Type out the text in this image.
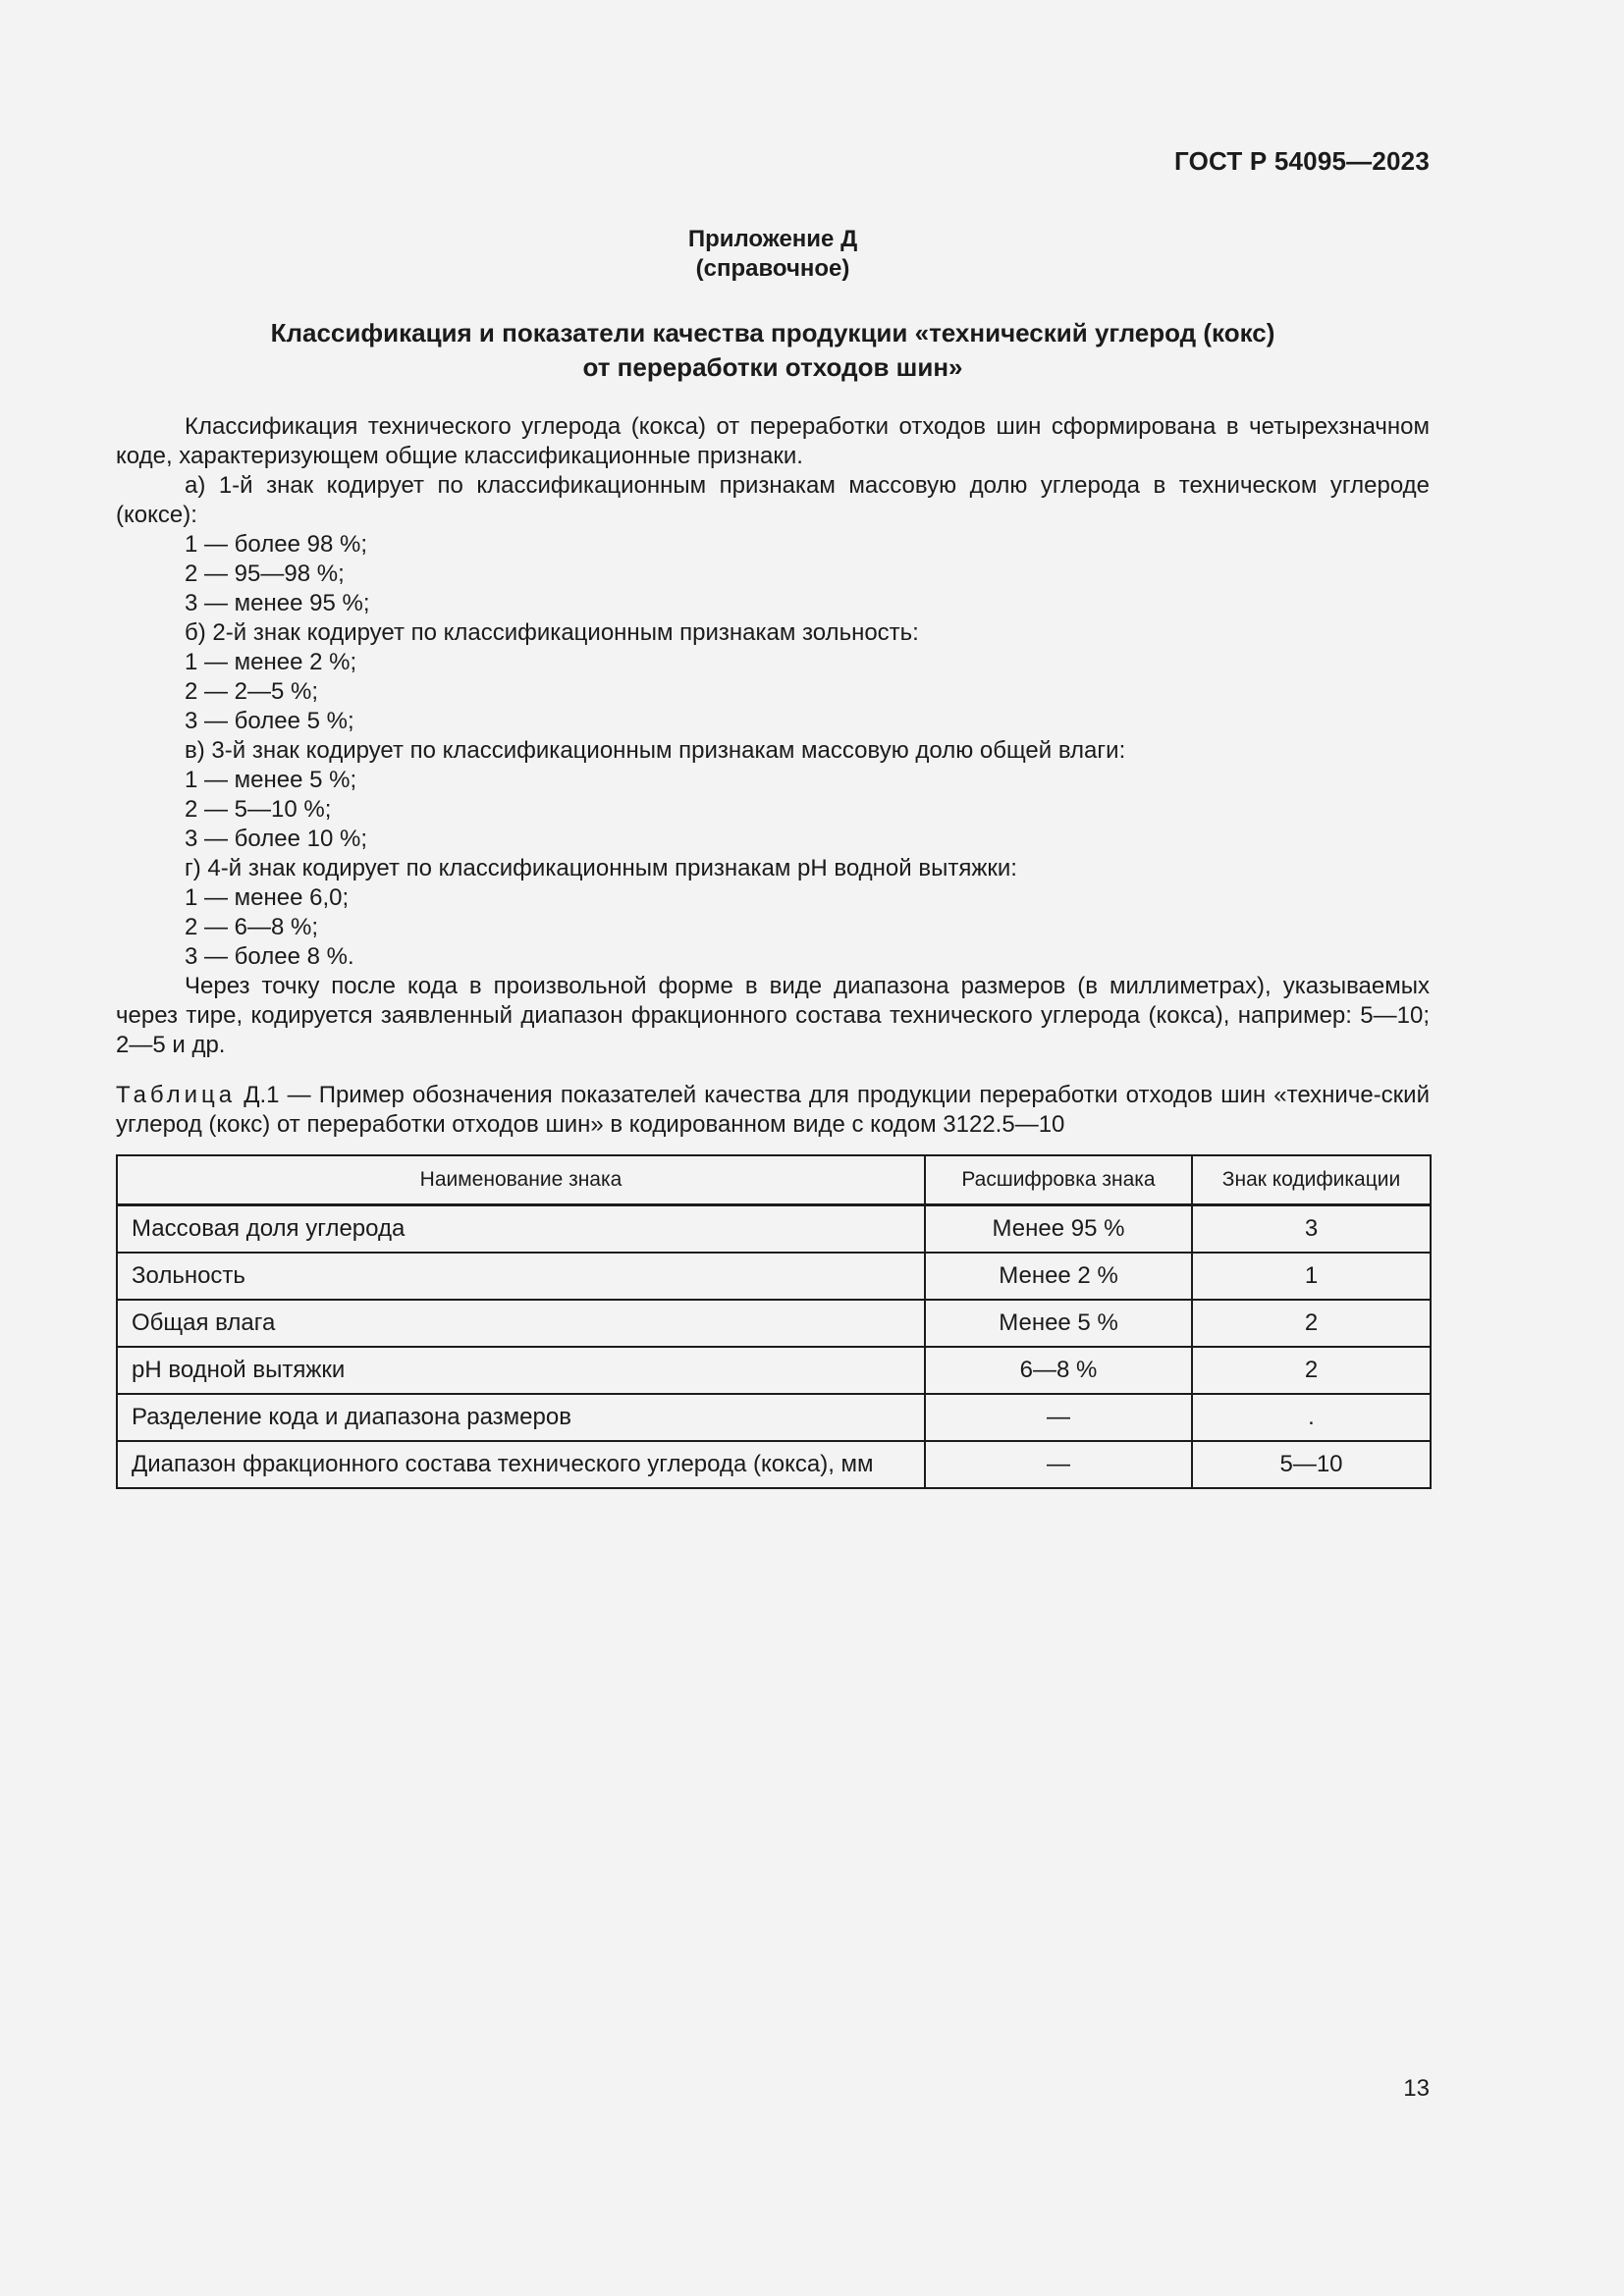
ГОСТ Р 54095—2023
Приложение Д
(справочное)
Классификация и показатели качества продукции «технический углерод (кокс)
от переработки отходов шин»

Классификация технического углерода (кокса) от переработки отходов шин сформирована в четырехзначном коде, характеризующем общие классификационные признаки.

а) 1-й знак кодирует по классификационным признакам массовую долю углерода в техническом углероде (коксе):

1 — более 98 %;

2 — 95—98 %;

3 — менее 95 %;

б) 2-й знак кодирует по классификационным признакам зольность:

1 — менее 2 %;

2 — 2—5 %;

3 — более 5 %;

в) 3-й знак кодирует по классификационным признакам массовую долю общей влаги:

1 — менее 5 %;

2 — 5—10 %;

3 — более 10 %;

г) 4-й знак кодирует по классификационным признакам рН водной вытяжки:

1 — менее 6,0;

2 — 6—8 %;

3 — более 8 %.

Через точку после кода в произвольной форме в виде диапазона размеров (в миллиметрах), указываемых через тире, кодируется заявленный диапазон фракционного состава технического углерода (кокса), например: 5—10; 2—5 и др.

Таблица Д.1 — Пример обозначения показателей качества для продукции переработки отходов шин «техниче-ский углерод (кокс) от переработки отходов шин» в кодированном виде с кодом 3122.5—10
Наименование знака	Расшифровка знака	Знак кодификации
Массовая доля углерода	Менее 95 %	3
Зольность	Менее 2 %	1
Общая влага	Менее 5 %	2
рН водной вытяжки	6—8 %	2
Разделение кода и диапазона размеров	—	.
Диапазон фракционного состава технического углерода (кокса), мм	—	5—10
13
